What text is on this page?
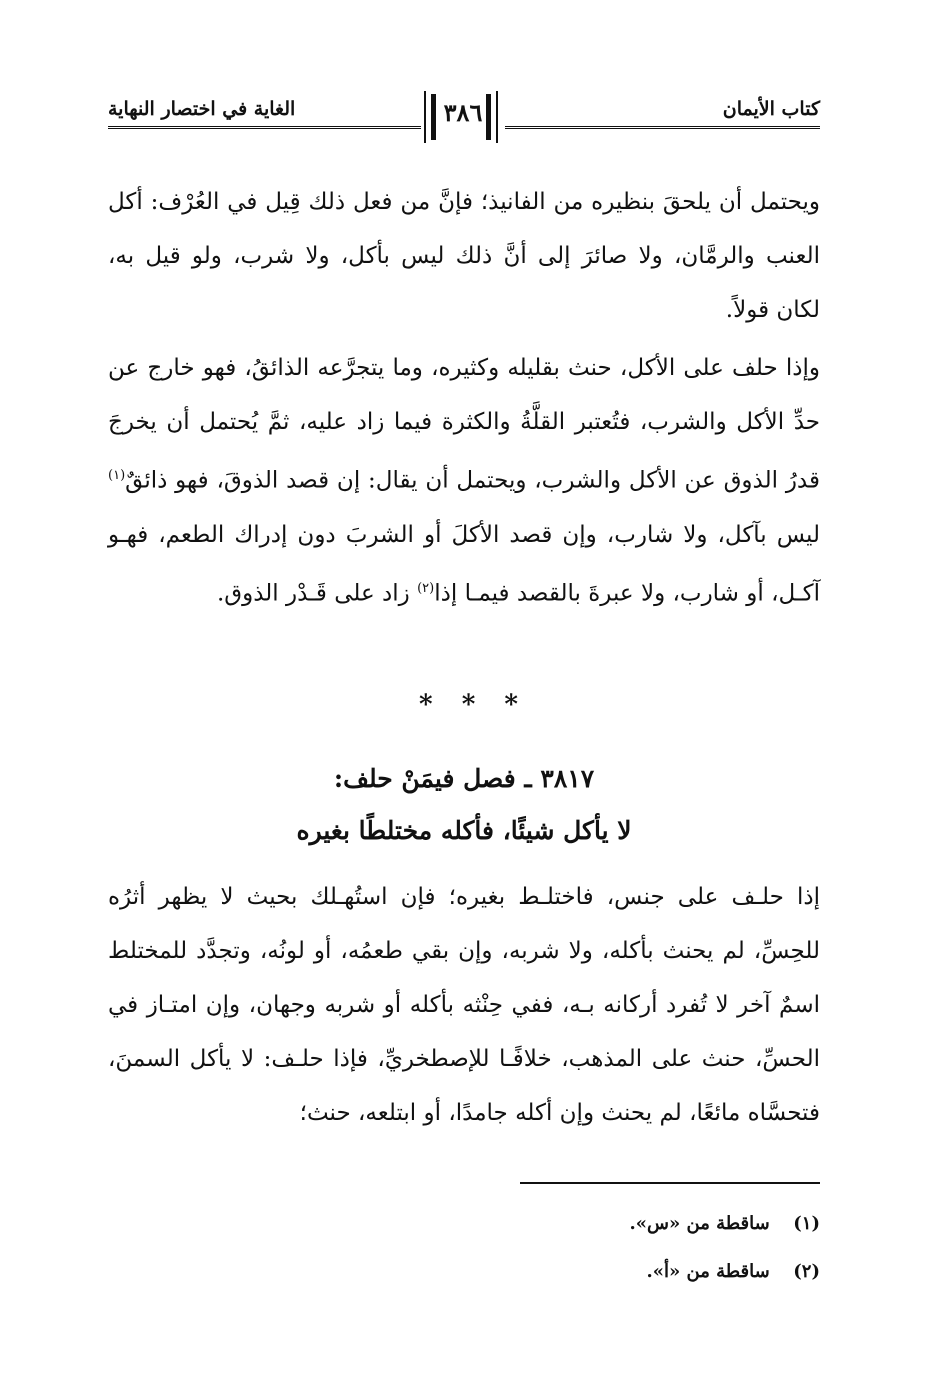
الغاية في اختصار النهاية	كتاب الأيمان
٣٨٦
ويحتمل أن يلحقَ بنظيره من الفانيذ؛ فإنَّ من فعل ذلك قِيل في العُرْف: أكل العنب والرمَّان، ولا صائرَ إلى أنَّ ذلك ليس بأكل، ولا شرب، ولو قيل به، لكان قولاً.
وإذا حلف على الأكل، حنث بقليله وكثيره، وما يتجرَّعه الذائقُ، فهو خارج عن حدِّ الأكل والشرب، فتُعتبر القلَّةُ والكثرة فيما زاد عليه، ثمَّ يُحتمل أن يخرجَ قدرُ الذوق عن الأكل والشرب، ويحتمل أن يقال: إن قصد الذوقَ، فهو ذائقٌ$^{(١)}$ ليس بآكل، ولا شارب، وإن قصد الأكلَ أو الشربَ دون إدراك الطعم، فهـو آكـل، أو شارب، ولا عبرةَ بالقصد فيمـا إذا$^{(٢)}$ زاد على قَـدْر الذوق.
* * *
٣٨١٧ ـ فصل فيمَنْ حلف:
لا يأكل شيئًا، فأكله مختلطًا بغيره
إذا حلـف على جنس، فاختلـط بغيره؛ فإن استُهـلك بحيث لا يظهر أثرُه للحِسِّ، لم يحنث بأكله، ولا شربه، وإن بقي طعمُه، أو لونُه، وتجدَّد للمختلط اسمٌ آخر لا تُفرد أركانه بـه، ففي حِنْثه بأكله أو شربه وجهان، وإن امتـاز في الحسِّ، حنث على المذهب، خلافًـا للإصطخريِّ، فإذا حلـف: لا يأكل السمنَ، فتحسَّاه مائعًا، لم يحنث وإن أكله جامدًا، أو ابتلعه، حنث؛
(١) ساقطة من «س».
(٢) ساقطة من «أ».
